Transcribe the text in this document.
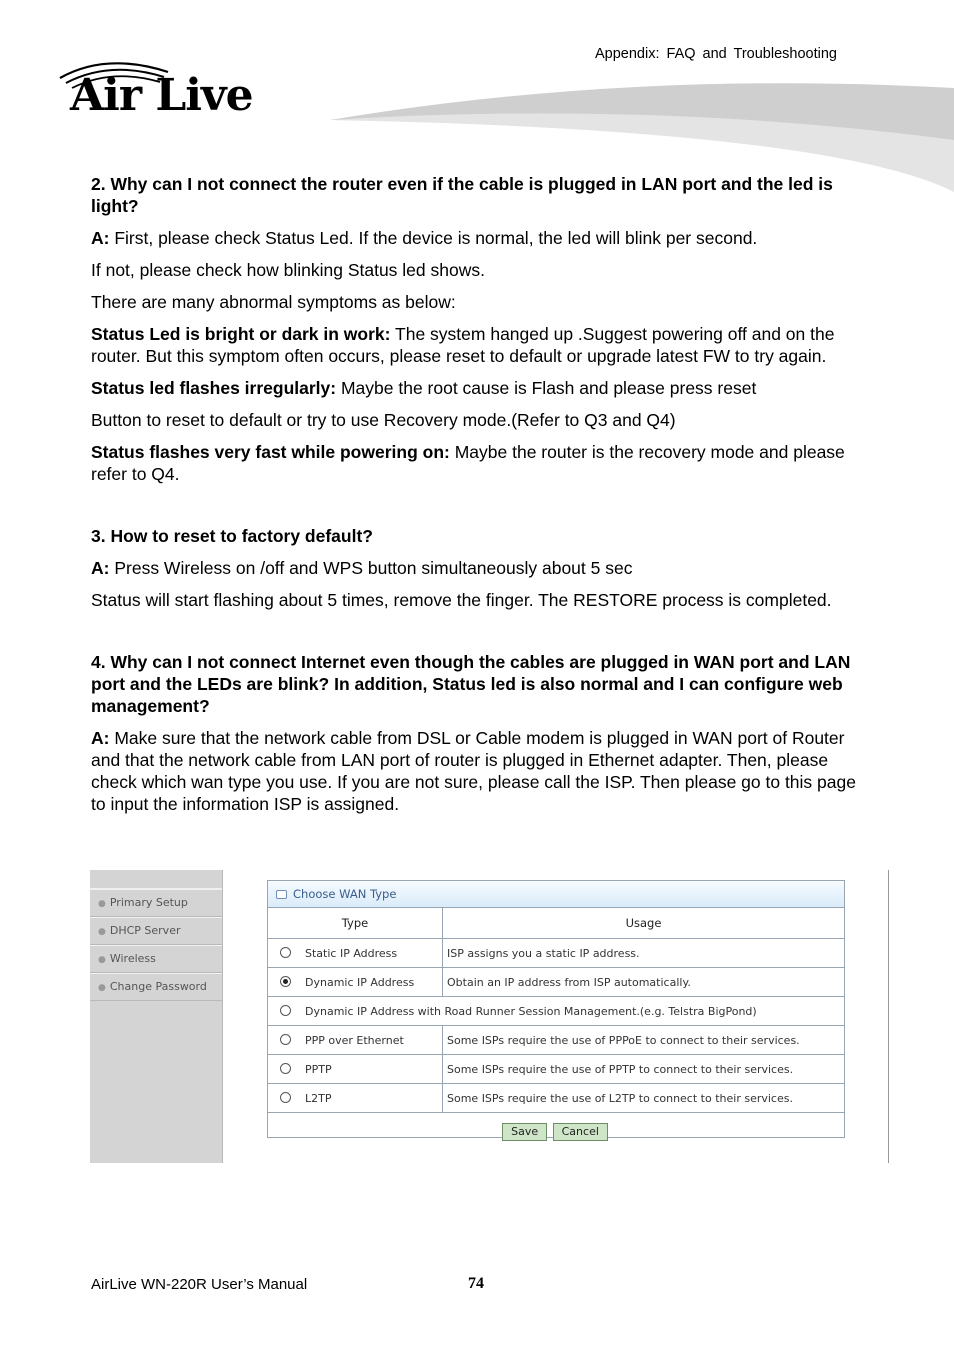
Appendix: FAQ and Troubleshooting
Air Live

2. Why can I not connect the router even if the cable is plugged in LAN port and the led is light?

A: First, please check Status Led. If the device is normal, the led will blink per second.

If not, please check how blinking Status led shows.

There are many abnormal symptoms as below:

Status Led is bright or dark in work: The system hanged up .Suggest powering off and on the router. But this symptom often occurs, please reset to default or upgrade latest FW to try again.

Status led flashes irregularly: Maybe the root cause is Flash and please press reset

Button to reset to default or try to use Recovery mode.(Refer to Q3 and Q4)

Status flashes very fast while powering on: Maybe the router is the recovery mode and please refer to Q4.

3. How to reset to factory default?

A: Press Wireless on /off and WPS button simultaneously about 5 sec

Status will start flashing about 5 times, remove the finger. The RESTORE process is completed.

4. Why can I not connect Internet even though the cables are plugged in WAN port and LAN port and the LEDs are blink? In addition, Status led is also normal and I can configure web management?

A: Make sure that the network cable from DSL or Cable modem is plugged in WAN port of Router and that the network cable from LAN port of router is plugged in Ethernet adapter. Then, please check which wan type you use. If you are not sure, please call the ISP. Then please go to this page to input the information ISP is assigned.

● Primary Setup
● DHCP Server
● Wireless
● Change Password
Choose WAN Type
Type	Usage
Static IP Address	ISP assigns you a static IP address.
Dynamic IP Address	Obtain an IP address from ISP automatically.
Dynamic IP Address with Road Runner Session Management.(e.g. Telstra BigPond)	
PPP over Ethernet	Some ISPs require the use of PPPoE to connect to their services.
PPTP	Some ISPs require the use of PPTP to connect to their services.
L2TP	Some ISPs require the use of L2TP to connect to their services.
Save Cancel
AirLive WN-220R User’s Manual	74
